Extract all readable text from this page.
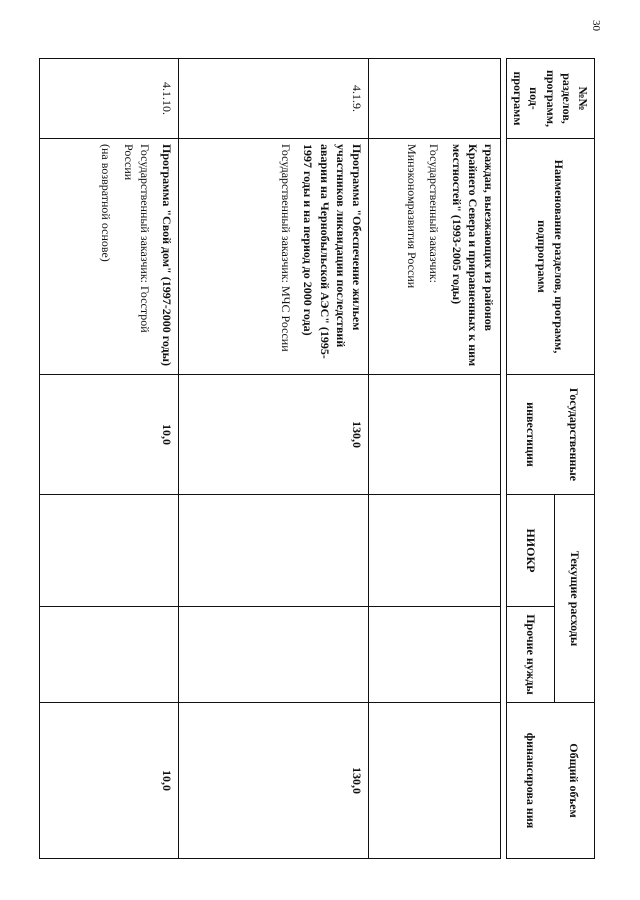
30
№№ разделов, программ, под-программ	Наименование разделов, программ, подпрограмм	Государственные	Текущие расходы		Общий объем
		инвестиции	НИОКР	Прочие нужды	финансирова ния

	граждан, выезжающих из районов Крайнего Севера и приравненных к ним местностей" (1993-2005 годы)
Государственный заказчик:
Минэкономразвития России				

4.1.9.	Программа "Обеспечение жильем участников ликвидации последствий аварии на Чернобыльской АЭС" (1995-1997 годы и на период до 2000 года)
Государственный заказчик: МЧС России	130,0			130,0
4.1.10.	Программа "Свой дом" (1997-2000 годы)
Государственный заказчик: Госстрой России
(на возвратной основе)	10,0			10,0
